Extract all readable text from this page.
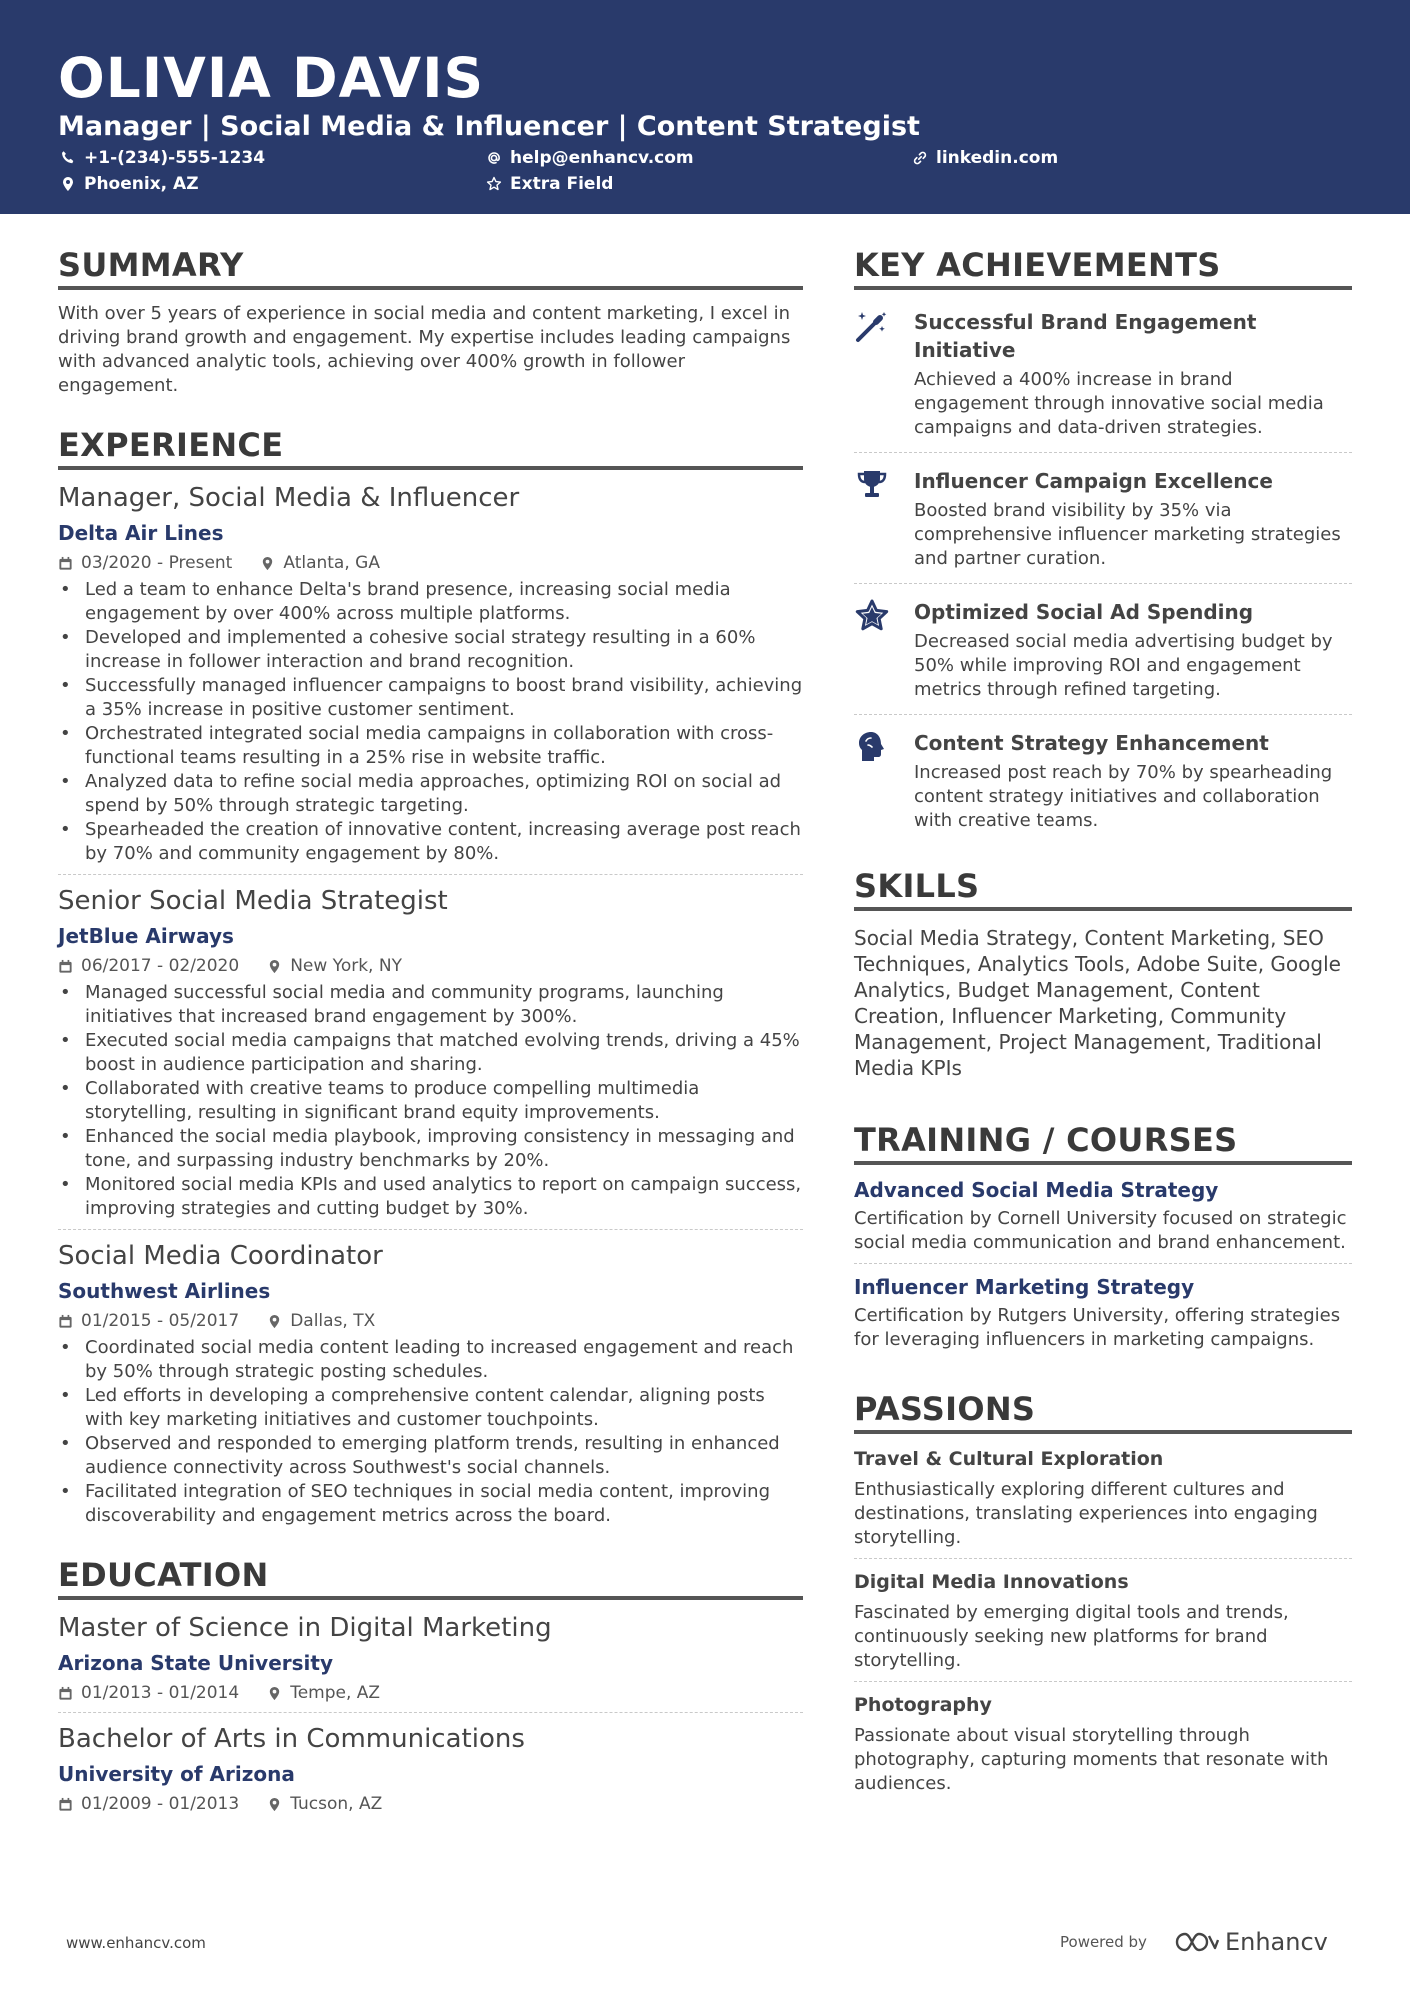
OLIVIA DAVIS
Manager | Social Media & Influencer | Content Strategist
+1-(234)-555-1234	help@enhancv.com	linkedin.com
Phoenix, AZ	Extra Field
SUMMARY
With over 5 years of experience in social media and content marketing, I excel in driving brand growth and engagement. My expertise includes leading campaigns with advanced analytic tools, achieving over 400% growth in follower engagement.
EXPERIENCE
Manager, Social Media & Influencer
Delta Air Lines
03/2020 - Present	Atlanta, GA
• Led a team to enhance Delta's brand presence, increasing social media engagement by over 400% across multiple platforms.
• Developed and implemented a cohesive social strategy resulting in a 60% increase in follower interaction and brand recognition.
• Successfully managed influencer campaigns to boost brand visibility, achieving a 35% increase in positive customer sentiment.
• Orchestrated integrated social media campaigns in collaboration with cross-functional teams resulting in a 25% rise in website traffic.
• Analyzed data to refine social media approaches, optimizing ROI on social ad spend by 50% through strategic targeting.
• Spearheaded the creation of innovative content, increasing average post reach by 70% and community engagement by 80%.
Senior Social Media Strategist
JetBlue Airways
06/2017 - 02/2020	New York, NY
• Managed successful social media and community programs, launching initiatives that increased brand engagement by 300%.
• Executed social media campaigns that matched evolving trends, driving a 45% boost in audience participation and sharing.
• Collaborated with creative teams to produce compelling multimedia storytelling, resulting in significant brand equity improvements.
• Enhanced the social media playbook, improving consistency in messaging and tone, and surpassing industry benchmarks by 20%.
• Monitored social media KPIs and used analytics to report on campaign success, improving strategies and cutting budget by 30%.
Social Media Coordinator
Southwest Airlines
01/2015 - 05/2017	Dallas, TX
• Coordinated social media content leading to increased engagement and reach by 50% through strategic posting schedules.
• Led efforts in developing a comprehensive content calendar, aligning posts with key marketing initiatives and customer touchpoints.
• Observed and responded to emerging platform trends, resulting in enhanced audience connectivity across Southwest's social channels.
• Facilitated integration of SEO techniques in social media content, improving discoverability and engagement metrics across the board.
EDUCATION
Master of Science in Digital Marketing
Arizona State University
01/2013 - 01/2014	Tempe, AZ
Bachelor of Arts in Communications
University of Arizona
01/2009 - 01/2013	Tucson, AZ
KEY ACHIEVEMENTS
Successful Brand Engagement Initiative
Achieved a 400% increase in brand engagement through innovative social media campaigns and data-driven strategies.
Influencer Campaign Excellence
Boosted brand visibility by 35% via comprehensive influencer marketing strategies and partner curation.
Optimized Social Ad Spending
Decreased social media advertising budget by 50% while improving ROI and engagement metrics through refined targeting.
Content Strategy Enhancement
Increased post reach by 70% by spearheading content strategy initiatives and collaboration with creative teams.
SKILLS
Social Media Strategy, Content Marketing, SEO Techniques, Analytics Tools, Adobe Suite, Google Analytics, Budget Management, Content Creation, Influencer Marketing, Community Management, Project Management, Traditional Media KPIs
TRAINING / COURSES
Advanced Social Media Strategy
Certification by Cornell University focused on strategic social media communication and brand enhancement.
Influencer Marketing Strategy
Certification by Rutgers University, offering strategies for leveraging influencers in marketing campaigns.
PASSIONS
Travel & Cultural Exploration
Enthusiastically exploring different cultures and destinations, translating experiences into engaging storytelling.
Digital Media Innovations
Fascinated by emerging digital tools and trends, continuously seeking new platforms for brand storytelling.
Photography
Passionate about visual storytelling through photography, capturing moments that resonate with audiences.
www.enhancv.com	Powered by	Enhancv
